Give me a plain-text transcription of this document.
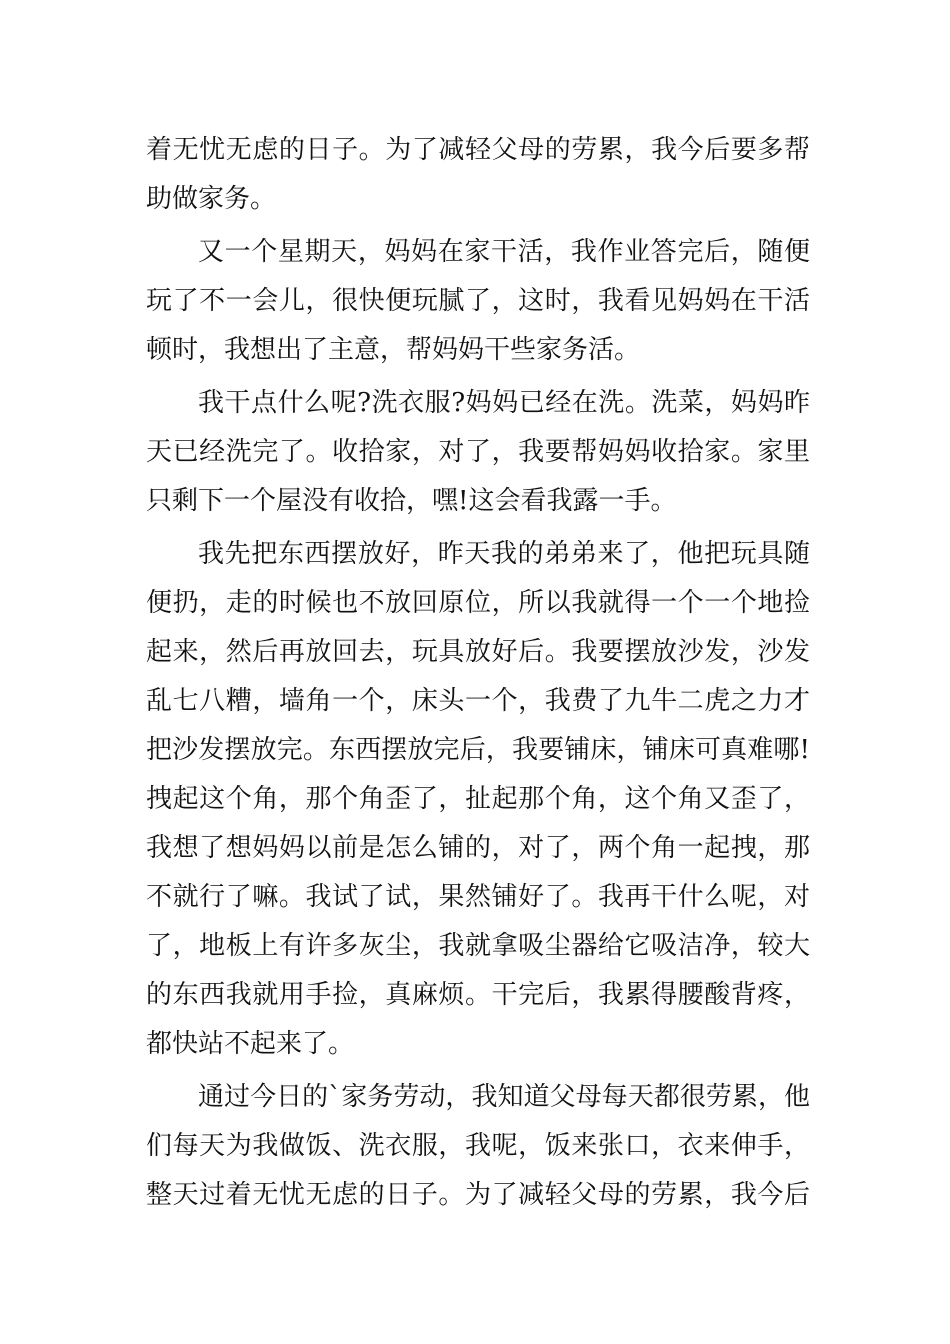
着无忧无虑的日子。为了减轻父母的劳累，我今后要多帮
助做家务。
又一个星期天，妈妈在家干活，我作业答完后，随便
玩了不一会儿，很快便玩腻了，这时，我看见妈妈在干活
顿时，我想出了主意，帮妈妈干些家务活。
我干点什么呢?洗衣服?妈妈已经在洗。洗菜，妈妈昨
天已经洗完了。收拾家，对了，我要帮妈妈收拾家。家里
只剩下一个屋没有收拾，嘿!这会看我露一手。
我先把东西摆放好，昨天我的弟弟来了，他把玩具随
便扔，走的时候也不放回原位，所以我就得一个一个地捡
起来，然后再放回去，玩具放好后。我要摆放沙发，沙发
乱七八糟，墙角一个，床头一个，我费了九牛二虎之力才
把沙发摆放完。东西摆放完后，我要铺床，铺床可真难哪!
拽起这个角，那个角歪了，扯起那个角，这个角又歪了，
我想了想妈妈以前是怎么铺的，对了，两个角一起拽，那
不就行了嘛。我试了试，果然铺好了。我再干什么呢，对
了，地板上有许多灰尘，我就拿吸尘器给它吸洁净，较大
的东西我就用手捡，真麻烦。干完后，我累得腰酸背疼，
都快站不起来了。
通过今日的`家务劳动，我知道父母每天都很劳累，他
们每天为我做饭、洗衣服，我呢，饭来张口，衣来伸手，
整天过着无忧无虑的日子。为了减轻父母的劳累，我今后
